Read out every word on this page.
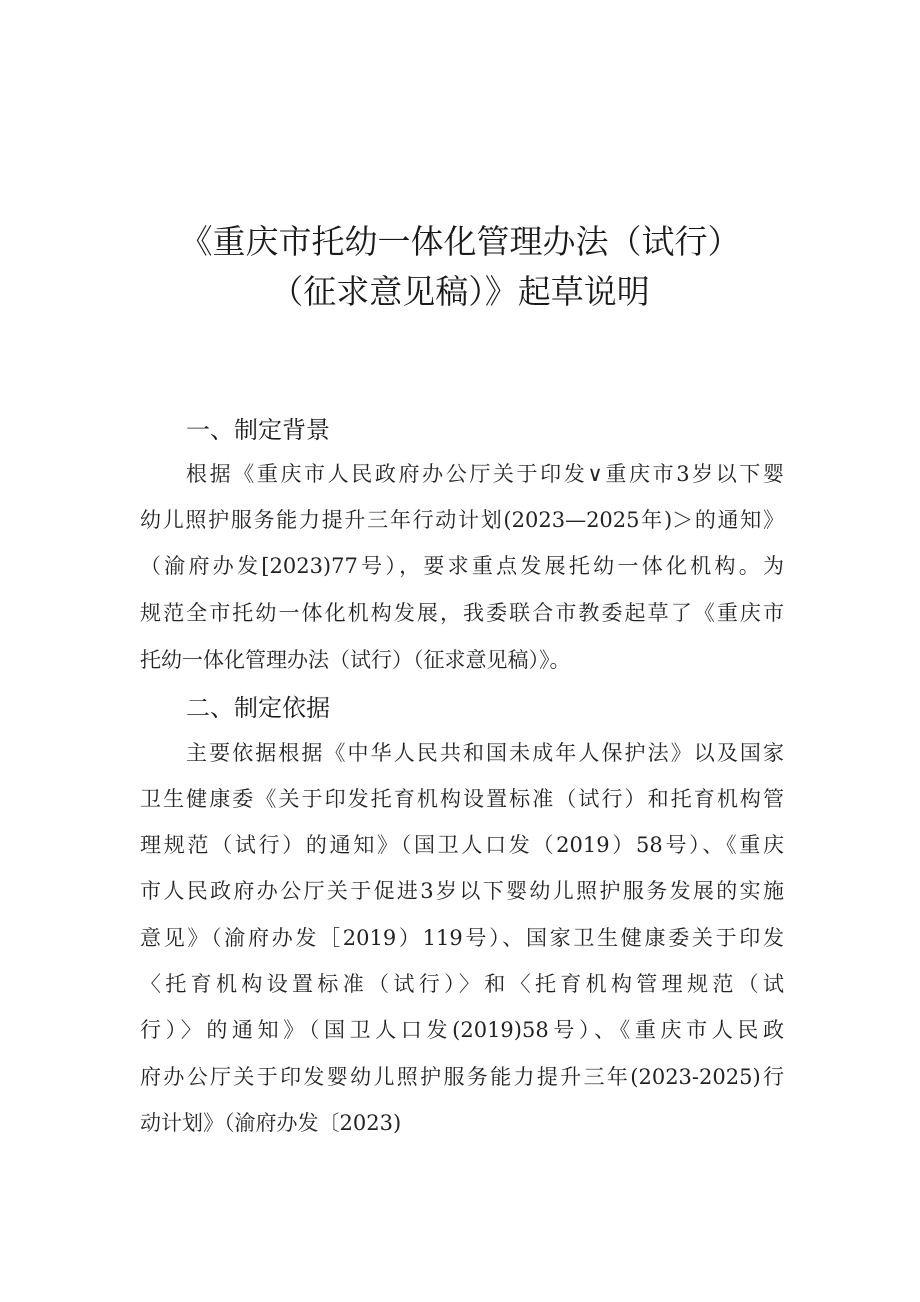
《重庆市托幼一体化管理办法（试行）
（征求意见稿）》起草说明
一、制定背景
根据《重庆市人民政府办公厅关于印发∨重庆市3岁以下婴
幼儿照护服务能力提升三年行动计划(2023—2025年)＞的通知》
（渝府办发[2023)77号），要求重点发展托幼一体化机构。为
规范全市托幼一体化机构发展，我委联合市教委起草了《重庆市
托幼一体化管理办法（试行）（征求意见稿）》。
二、制定依据
主要依据根据《中华人民共和国未成年人保护法》以及国家
卫生健康委《关于印发托育机构设置标准（试行）和托育机构管
理规范（试行）的通知》（国卫人口发（2019）58号）、《重庆
市人民政府办公厅关于促进3岁以下婴幼儿照护服务发展的实施
意见》（渝府办发［2019）119号）、国家卫生健康委关于印发
〈托育机构设置标准（试行）〉和〈托育机构管理规范（试
行）〉的通知》（国卫人口发(2019)58号）、《重庆市人民政
府办公厅关于印发婴幼儿照护服务能力提升三年(2023-2025)行
动计划》（渝府办发〔2023)
